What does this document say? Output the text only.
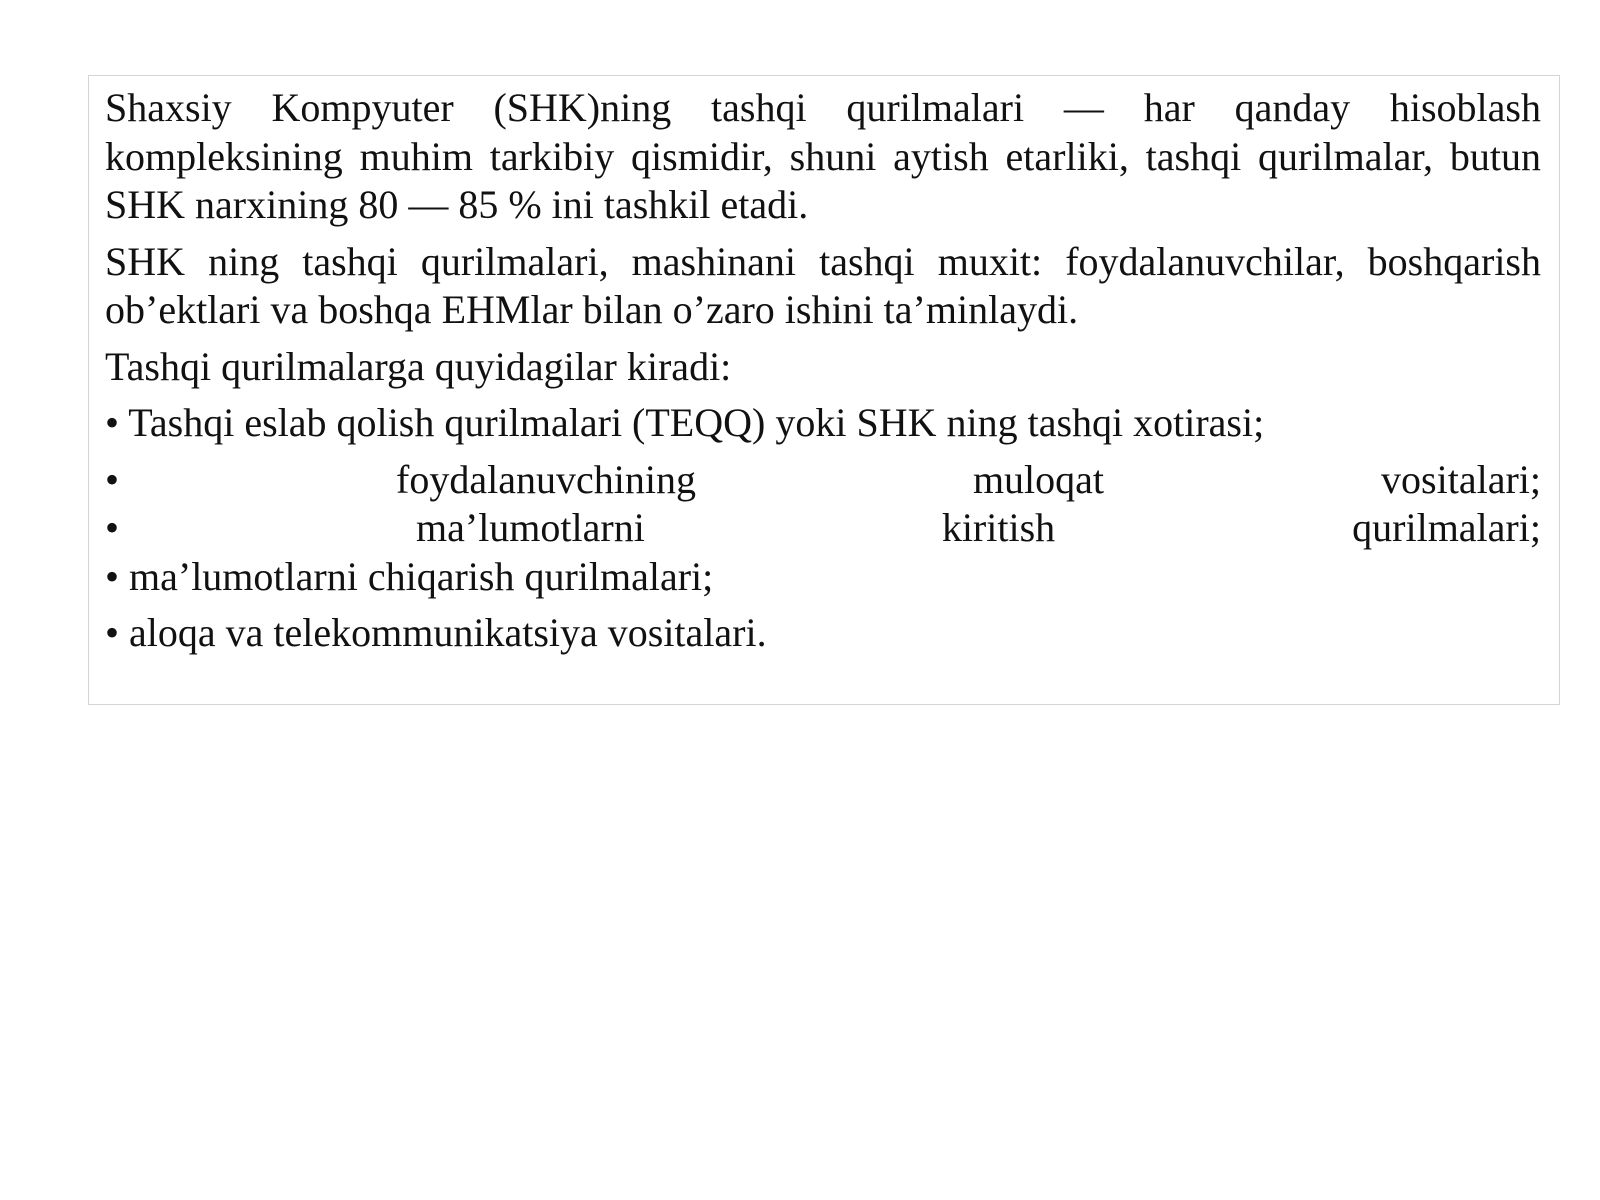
Shaxsiy Kompyuter (SHK)ning tashqi qurilmalari — har qanday hisoblash kompleksining muhim tarkibiy qismidir, shuni aytish etarliki, tashqi qurilmalar, butun SHK narxining 80 — 85 % ini tashkil etadi.

SHK ning tashqi qurilmalari, mashinani tashqi muxit: foydalanuvchilar, boshqarish ob’ektlari va boshqa EHMlar bilan o’zaro ishini ta’minlaydi.

Tashqi qurilmalarga quyidagilar kiradi:

• Tashqi eslab qolish qurilmalari (TEQQ) yoki SHK ning tashqi xotirasi;

•	foydalanuvchining	muloqat	vositalari;
•	ma’lumotlarni	kiritish	qurilmalari;

• ma’lumotlarni chiqarish qurilmalari;

• aloqa va telekommunikatsiya vositalari.
